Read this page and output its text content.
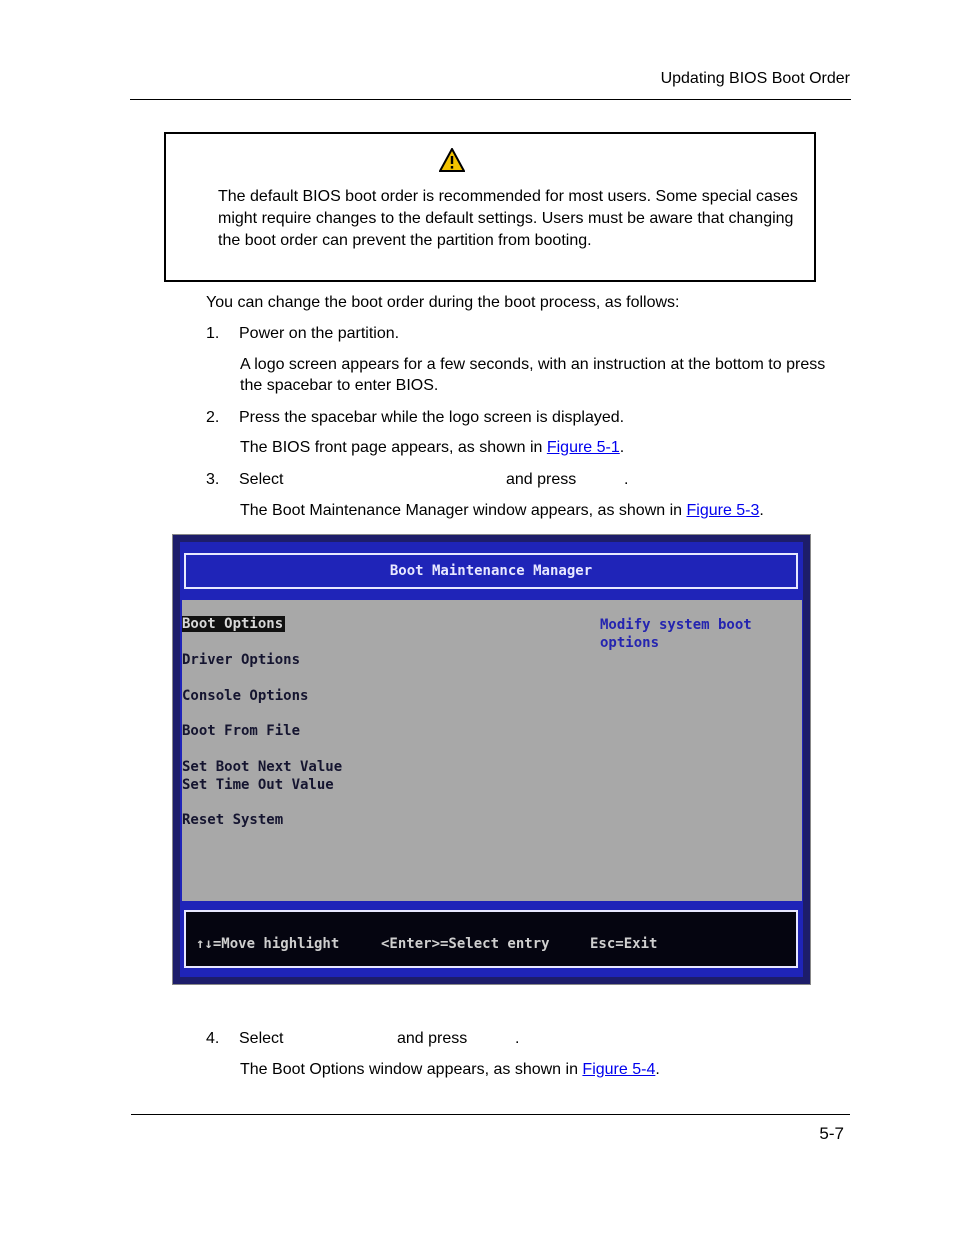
Updating BIOS Boot Order
The default BIOS boot order is recommended for most users. Some special cases might require changes to the default settings. Users must be aware that changing the boot order can prevent the partition from booting.
You can change the boot order during the boot process, as follows:
1. Power on the partition.
A logo screen appears for a few seconds, with an instruction at the bottom to press the spacebar to enter BIOS.
2. Press the spacebar while the logo screen is displayed.
The BIOS front page appears, as shown in Figure 5-1.
3. Select	and press	.
The Boot Maintenance Manager window appears, as shown in Figure 5-3.
Boot Maintenance Manager
Boot Options
Driver Options
Console Options
Boot From File
Set Boot Next Value
Set Time Out Value
Reset System
Modify system boot options
↑↓=Move highlight	<Enter>=Select entry	Esc=Exit
4. Select	and press	.
The Boot Options window appears, as shown in Figure 5-4.
5-7
